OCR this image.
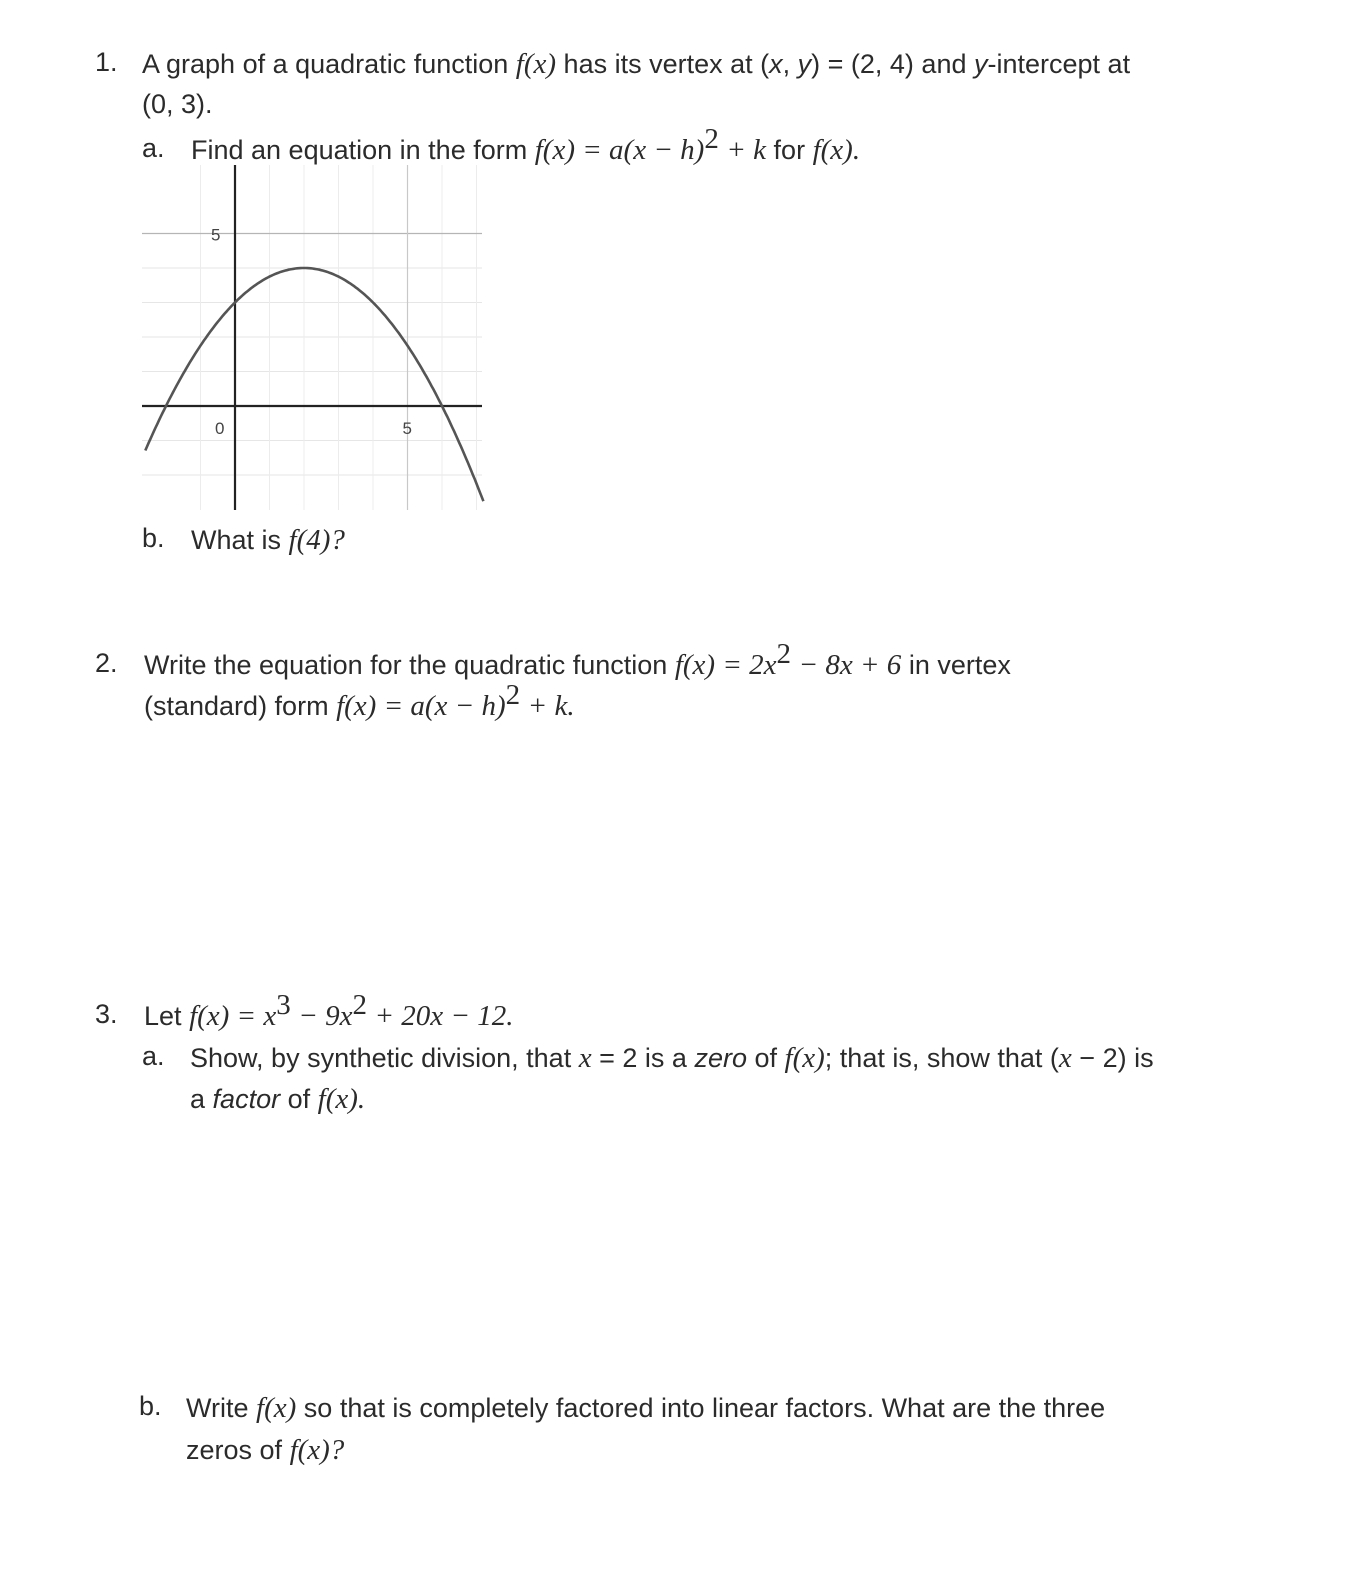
1. A graph of a quadratic function f(x) has its vertex at (x, y) = (2, 4) and y-intercept at
(0, 3).
a. Find an equation in the form $f(x) = a(x - h)^2 + k$ for f(x).
0	5
5
b. What is f(4)?
2. Write the equation for the quadratic function $f(x) = 2x^2 - 8x + 6$ in vertex
(standard) form $f(x) = a(x - h)^2 + k$.
3. Let $f(x) = x^3 - 9x^2 + 20x - 12$.
a. Show, by synthetic division, that x = 2 is a zero of f(x); that is, show that (x − 2) is
a factor of f(x).
b. Write f(x) so that is completely factored into linear factors. What are the three
zeros of f(x)?
